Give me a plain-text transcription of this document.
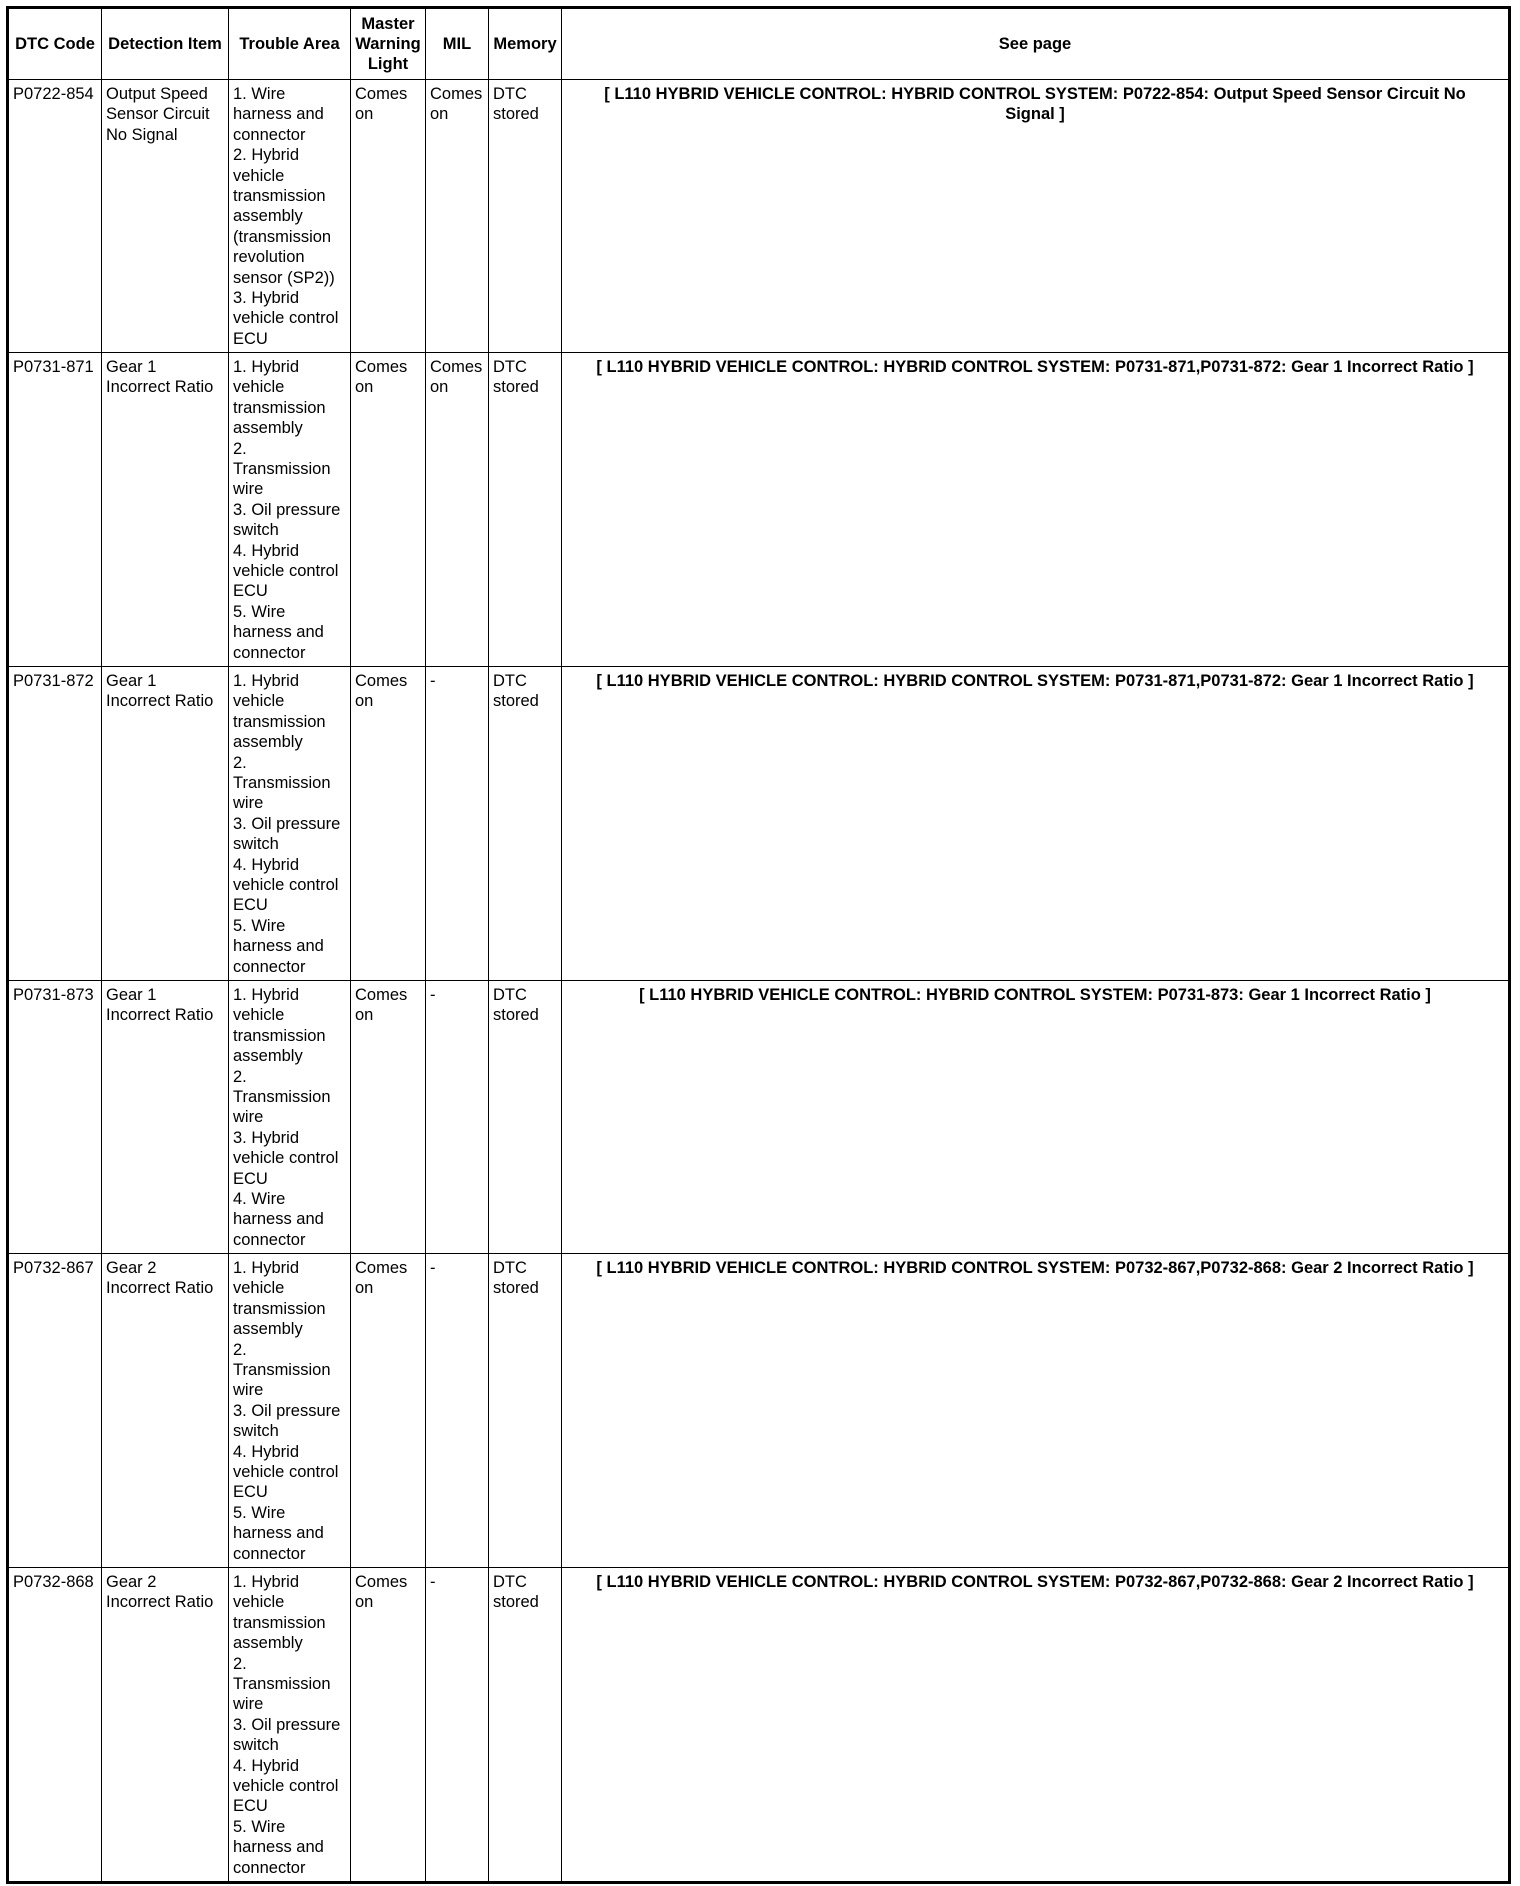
DTC Code	Detection Item	Trouble Area	Master Warning Light	MIL	Memory	See page
P0722-854	Output Speed Sensor Circuit No Signal	1. Wire harness and connector
2. Hybrid vehicle transmission assembly (transmission revolution sensor (SP2))
3. Hybrid vehicle control ECU	Comes on	Comes on	DTC stored	[ L110 HYBRID VEHICLE CONTROL: HYBRID CONTROL SYSTEM: P0722-854: Output Speed Sensor Circuit No Signal ]
P0731-871	Gear 1 Incorrect Ratio	1. Hybrid vehicle transmission assembly
2. Transmission wire
3. Oil pressure switch
4. Hybrid vehicle control ECU
5. Wire harness and connector	Comes on	Comes on	DTC stored	[ L110 HYBRID VEHICLE CONTROL: HYBRID CONTROL SYSTEM: P0731-871,P0731-872: Gear 1 Incorrect Ratio ]
P0731-872	Gear 1 Incorrect Ratio	1. Hybrid vehicle transmission assembly
2. Transmission wire
3. Oil pressure switch
4. Hybrid vehicle control ECU
5. Wire harness and connector	Comes on	-	DTC stored	[ L110 HYBRID VEHICLE CONTROL: HYBRID CONTROL SYSTEM: P0731-871,P0731-872: Gear 1 Incorrect Ratio ]
P0731-873	Gear 1 Incorrect Ratio	1. Hybrid vehicle transmission assembly
2. Transmission wire
3. Hybrid vehicle control ECU
4. Wire harness and connector	Comes on	-	DTC stored	[ L110 HYBRID VEHICLE CONTROL: HYBRID CONTROL SYSTEM: P0731-873: Gear 1 Incorrect Ratio ]
P0732-867	Gear 2 Incorrect Ratio	1. Hybrid vehicle transmission assembly
2. Transmission wire
3. Oil pressure switch
4. Hybrid vehicle control ECU
5. Wire harness and connector	Comes on	-	DTC stored	[ L110 HYBRID VEHICLE CONTROL: HYBRID CONTROL SYSTEM: P0732-867,P0732-868: Gear 2 Incorrect Ratio ]
P0732-868	Gear 2 Incorrect Ratio	1. Hybrid vehicle transmission assembly
2. Transmission wire
3. Oil pressure switch
4. Hybrid vehicle control ECU
5. Wire harness and connector	Comes on	-	DTC stored	[ L110 HYBRID VEHICLE CONTROL: HYBRID CONTROL SYSTEM: P0732-867,P0732-868: Gear 2 Incorrect Ratio ]
